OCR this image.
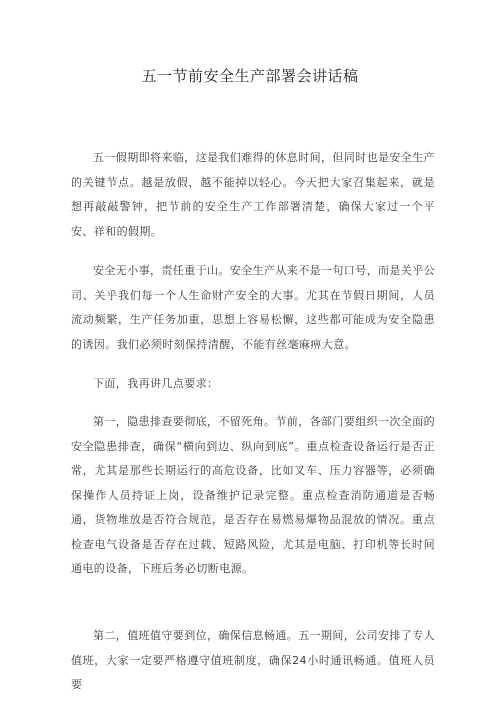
五一节前安全生产部署会讲话稿

五一假期即将来临，这是我们难得的休息时间，但同时也是安全生产的关键节点。越是放假，越不能掉以轻心。今天把大家召集起来，就是想再敲敲警钟，把节前的安全生产工作部署清楚，确保大家过一个平安、祥和的假期。

安全无小事，责任重于山。安全生产从来不是一句口号，而是关乎公司、关乎我们每一个人生命财产安全的大事。尤其在节假日期间，人员流动频繁，生产任务加重，思想上容易松懈，这些都可能成为安全隐患的诱因。我们必须时刻保持清醒，不能有丝毫麻痹大意。

下面，我再讲几点要求：

第一，隐患排查要彻底，不留死角。节前，各部门要组织一次全面的安全隐患排查，确保“横向到边、纵向到底”。重点检查设备运行是否正常，尤其是那些长期运行的高危设备，比如叉车、压力容器等，必须确保操作人员持证上岗，设备维护记录完整。重点检查消防通道是否畅通，货物堆放是否符合规范，是否存在易燃易爆物品混放的情况。重点检查电气设备是否存在过载、短路风险，尤其是电脑、打印机等长时间通电的设备，下班后务必切断电源。

第二，值班值守要到位，确保信息畅通。五一期间，公司安排了专人值班，大家一定要严格遵守值班制度，确保24小时通讯畅通。值班人员要
